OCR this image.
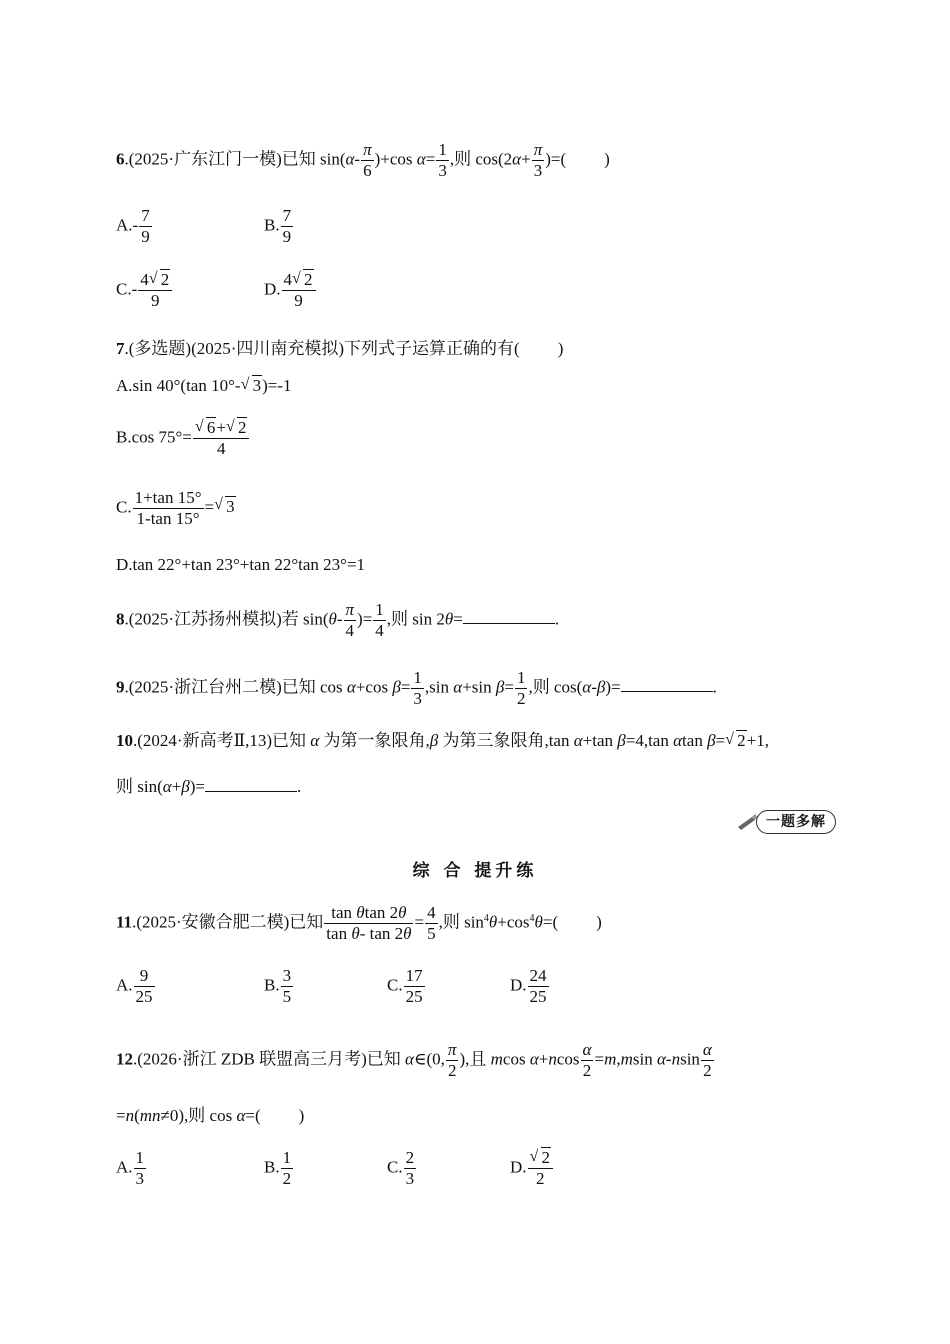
6.(2025·广东江门一模)已知 $\sin(\alpha- \frac{\pi}{6} )+\cos$ $\alpha= \frac{1}{3}$ ,则 $\cos(2\alpha+ \frac{\pi}{3}$ )=( )
$A.- \frac{7}{9}$	B. $\frac{7}{9}$
$C.- \frac{4 √ 2}{9}$	D. $\frac{4 √ 2}{9}$
7.(多选题)(2025·四川南充模拟)下列式子运算正确的有( )
A.sin 40°(tan 10°- √ 3)=-1
B.cos $75^\circ= \frac{√ 6+ √ 2}{4}$
C. $\frac{1+\tan 15^\circ}{1-\tan 15^\circ}$ = √ 3
D.tan 22°+tan 23°+tan 22°tan 23°=1
8.(2025·江苏扬州模拟)若 $\sin(\theta- \frac{\pi}{4}$ )= $\frac{1}{4}$ ,则 sin 2θ=	.
9.(2025·浙江台州二模)已知 cos α+cos $\beta= \frac{1}{3} ,\sin$ α+sin $\beta= \frac{1}{2}$ ,则 cos(α-β)=	.
10.(2024·新高考Ⅱ,13)已知 α 为第一象限角,β 为第三象限角,tan α+tan β=4,tan αtan β= √ 2+1,
则 sin(α+β)=	.
一题多解
综 合 提升练
11.(2025·安徽合肥二模)已知 $\frac{\text{tan θtan 2θ}}{\text{tan θ- tan 2θ}} = \frac{4}{5}$ ,则 $\sin^4\theta+\cos^4\theta=$( )
A. $\frac{9}{25}$	B. $\frac{3}{5}$	C. $\frac{17}{25}$	D. $\frac{24}{25}$
12.(2026·浙江 ZDB 联盟高三月考)已知 α∈(0, $\frac{\pi}{2}$ ),且 mcos $\alpha+ncos \frac{\alpha}{2} =m,msin$ $\alpha-nsin \frac{\alpha}{2}$
=n(mn≠0),则 cos α=( )
A. $\frac{1}{3}$	B. $\frac{1}{2}$	C. $\frac{2}{3}$	D. $\frac{√ 2}{2}$
